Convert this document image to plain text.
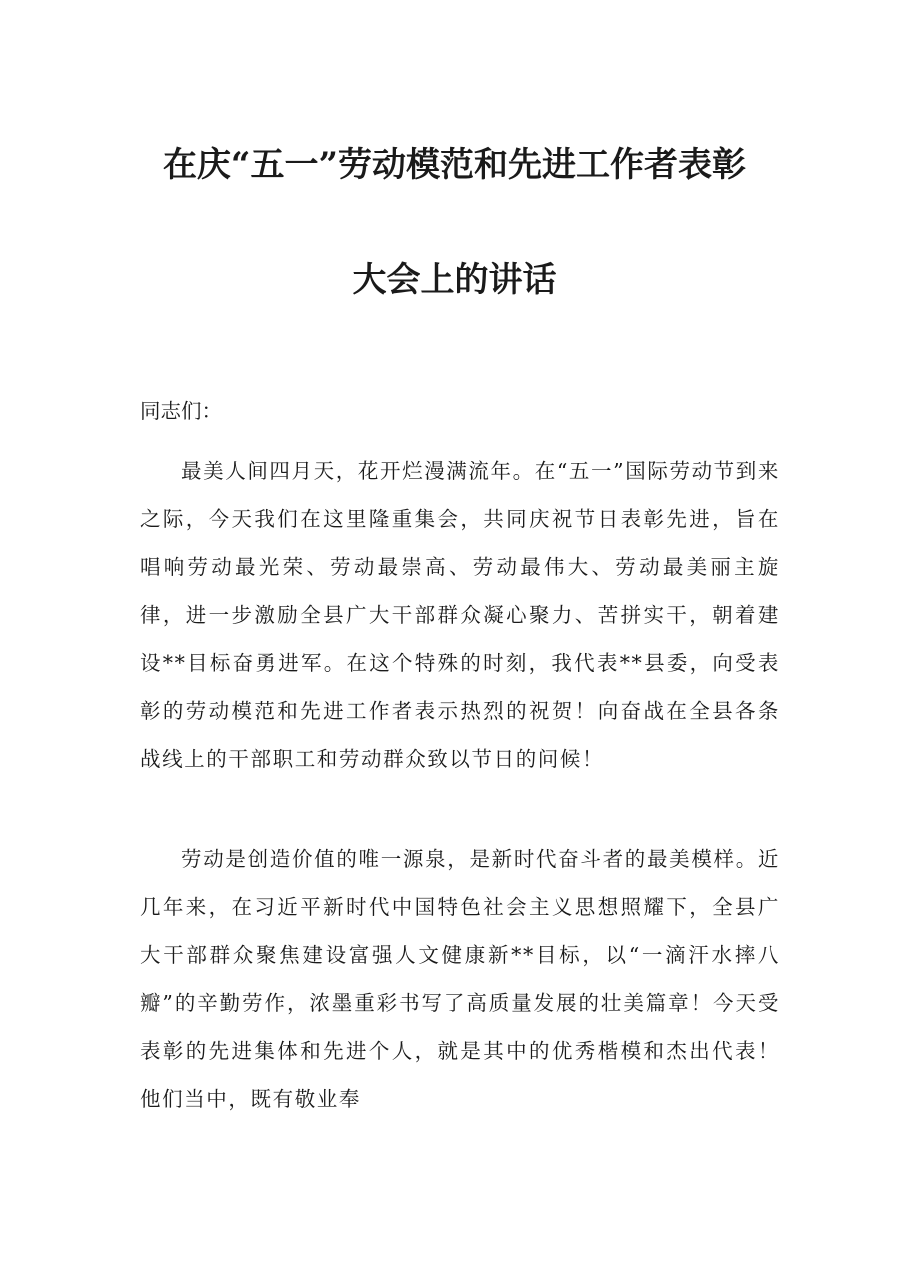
在庆“五一”劳动模范和先进工作者表彰
大会上的讲话
同志们：
最美人间四月天，花开烂漫满流年。在“五一”国际劳动节到来之际，今天我们在这里隆重集会，共同庆祝节日表彰先进，旨在唱响劳动最光荣、劳动最崇高、劳动最伟大、劳动最美丽主旋律，进一步激励全县广大干部群众凝心聚力、苦拼实干，朝着建设**目标奋勇进军。在这个特殊的时刻，我代表**县委，向受表彰的劳动模范和先进工作者表示热烈的祝贺！向奋战在全县各条战线上的干部职工和劳动群众致以节日的问候！
劳动是创造价值的唯一源泉，是新时代奋斗者的最美模样。近几年来，在习近平新时代中国特色社会主义思想照耀下，全县广大干部群众聚焦建设富强人文健康新**目标，以“一滴汗水摔八瓣”的辛勤劳作，浓墨重彩书写了高质量发展的壮美篇章！今天受表彰的先进集体和先进个人，就是其中的优秀楷模和杰出代表！他们当中，既有敬业奉
